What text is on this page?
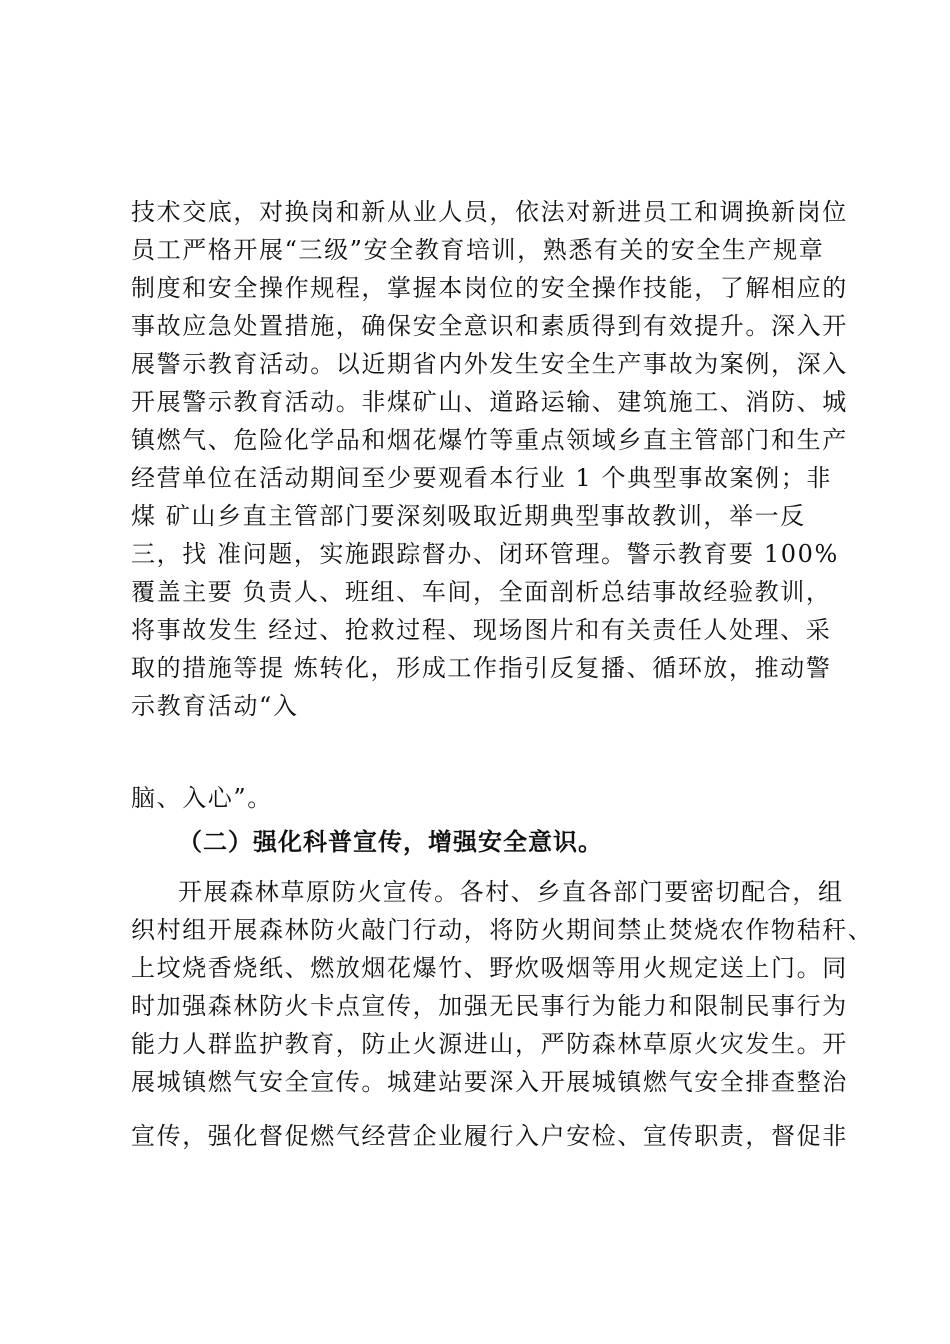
技术交底，对换岗和新从业人员，依法对新进员工和调换新岗位
员工严格开展“三级”安全教育培训，熟悉有关的安全生产规章
制度和安全操作规程，掌握本岗位的安全操作技能，了解相应的
事故应急处置措施，确保安全意识和素质得到有效提升。深入开
展警示教育活动。以近期省内外发生安全生产事故为案例，深入
开展警示教育活动。非煤矿山、道路运输、建筑施工、消防、城
镇燃气、危险化学品和烟花爆竹等重点领域乡直主管部门和生产
经营单位在活动期间至少要观看本行业 1 个典型事故案例；非
煤 矿山乡直主管部门要深刻吸取近期典型事故教训，举一反
三，找 准问题，实施跟踪督办、闭环管理。警示教育要 100%
覆盖主要 负责人、班组、车间，全面剖析总结事故经验教训，
将事故发生 经过、抢救过程、现场图片和有关责任人处理、采
取的措施等提 炼转化，形成工作指引反复播、循环放，推动警
示教育活动“入
脑、入心”。
（二）强化科普宣传，增强安全意识。
开展森林草原防火宣传。各村、乡直各部门要密切配合，组
织村组开展森林防火敲门行动，将防火期间禁止焚烧农作物秸秆、
上坟烧香烧纸、燃放烟花爆竹、野炊吸烟等用火规定送上门。同
时加强森林防火卡点宣传，加强无民事行为能力和限制民事行为
能力人群监护教育，防止火源进山，严防森林草原火灾发生。开
展城镇燃气安全宣传。城建站要深入开展城镇燃气安全排查整治
宣传，强化督促燃气经营企业履行入户安检、宣传职责，督促非
